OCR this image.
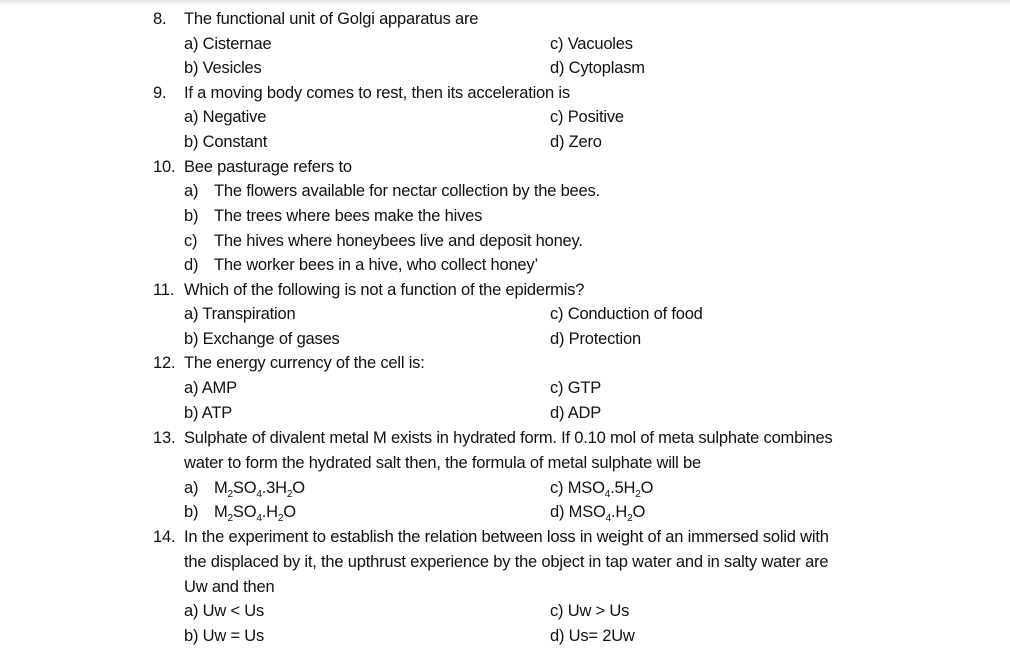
8. The functional unit of Golgi apparatus are
a) Cisternae	c) Vacuoles
b) Vesicles	d) Cytoplasm
9. If a moving body comes to rest, then its acceleration is
a) Negative	c) Positive
b) Constant	d) Zero
10. Bee pasturage refers to
a) The flowers available for nectar collection by the bees.
b) The trees where bees make the hives
c) The hives where honeybees live and deposit honey.
d) The worker bees in a hive, who collect honey’
11. Which of the following is not a function of the epidermis?
a) Transpiration	c) Conduction of food
b) Exchange of gases	d) Protection
12. The energy currency of the cell is:
a) AMP	c) GTP
b) ATP	d) ADP
13. Sulphate of divalent metal M exists in hydrated form. If 0.10 mol of meta sulphate combines
water to form the hydrated salt then, the formula of metal sulphate will be
a) $M_2SO_4.3H_2O$	c) $MSO_4.5H_2O$
b) $M_2SO_4.H_2O$	d) $MSO_4.H_2O$
14. In the experiment to establish the relation between loss in weight of an immersed solid with
the displaced by it, the upthrust experience by the object in tap water and in salty water are
Uw and then
a) Uw < Us	c) Uw > Us
b) Uw = Us	d) Us= 2Uw
